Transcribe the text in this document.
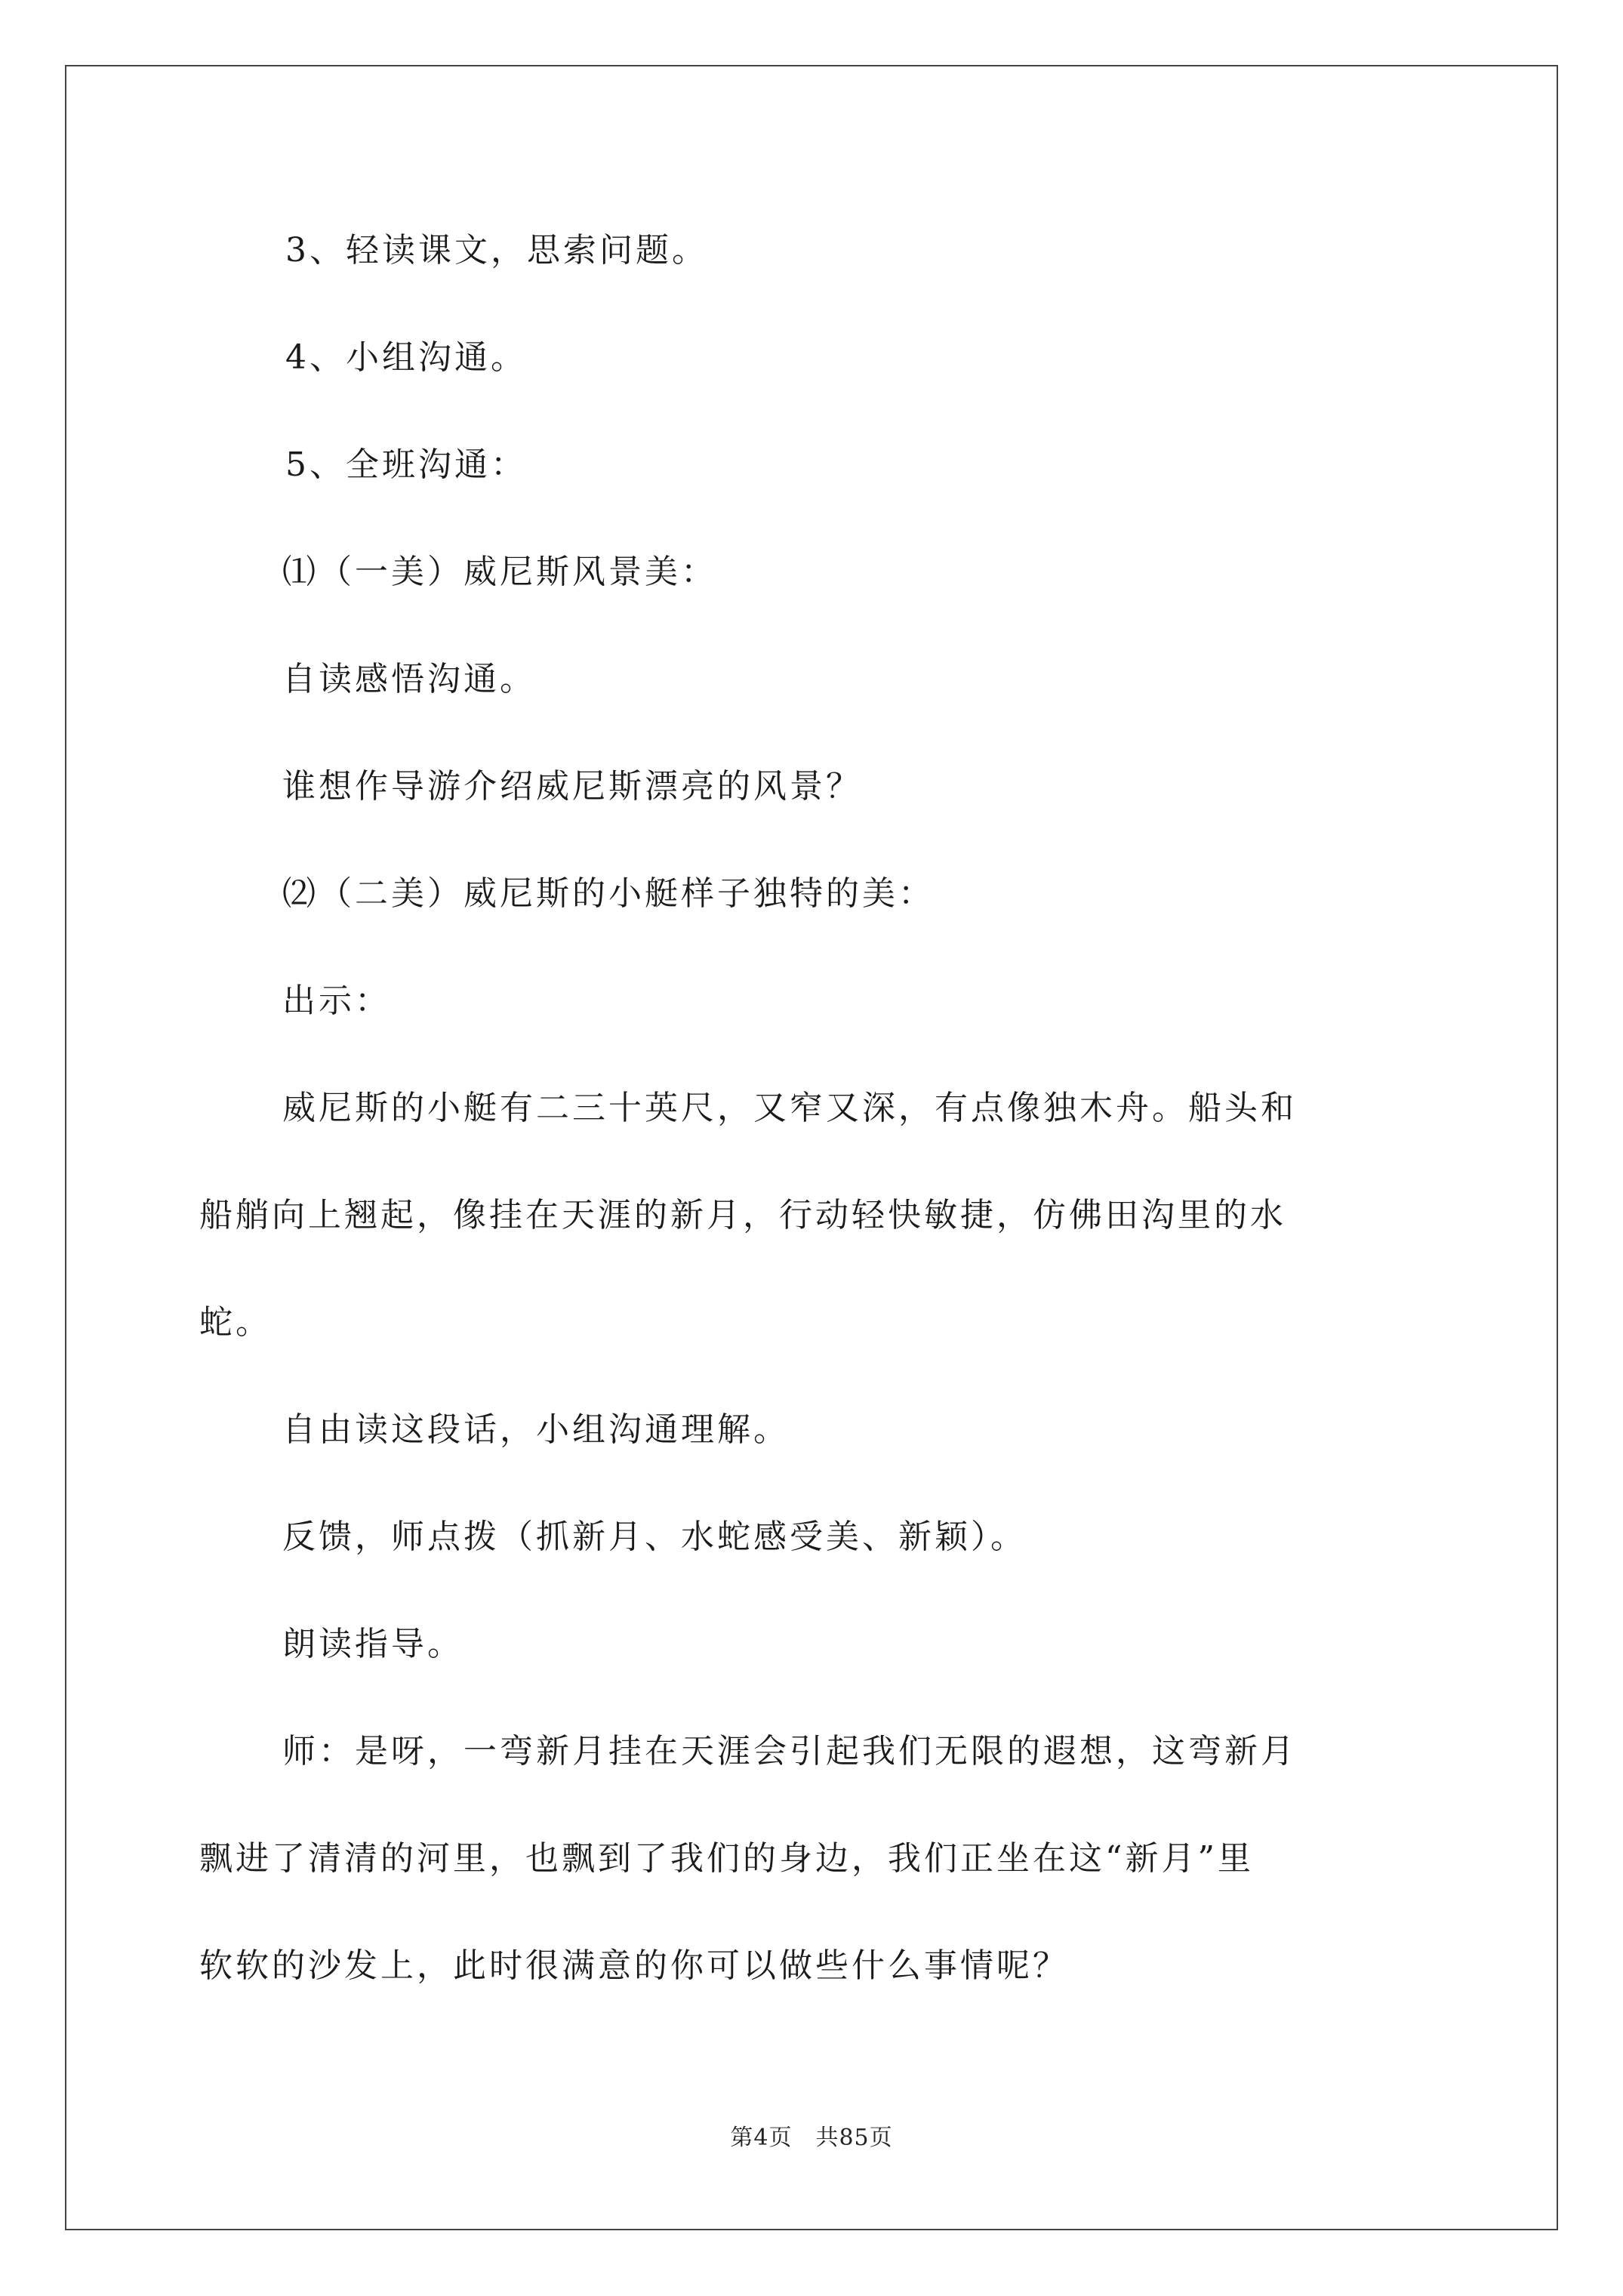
3、轻读课文，思索问题。
4、小组沟通。
5、全班沟通：
⑴（一美）威尼斯风景美：
自读感悟沟通。
谁想作导游介绍威尼斯漂亮的风景？
⑵（二美）威尼斯的小艇样子独特的美：
出示：
威尼斯的小艇有二三十英尺，又窄又深，有点像独木舟。船头和
船艄向上翘起，像挂在天涯的新月，行动轻快敏捷，仿佛田沟里的水
蛇。
自由读这段话，小组沟通理解。
反馈，师点拨（抓新月、水蛇感受美、新颖）。
朗读指导。
师：是呀，一弯新月挂在天涯会引起我们无限的遐想，这弯新月
飘进了清清的河里，也飘到了我们的身边，我们正坐在这“新月”里
软软的沙发上，此时很满意的你可以做些什么事情呢？
第4页　共85页
